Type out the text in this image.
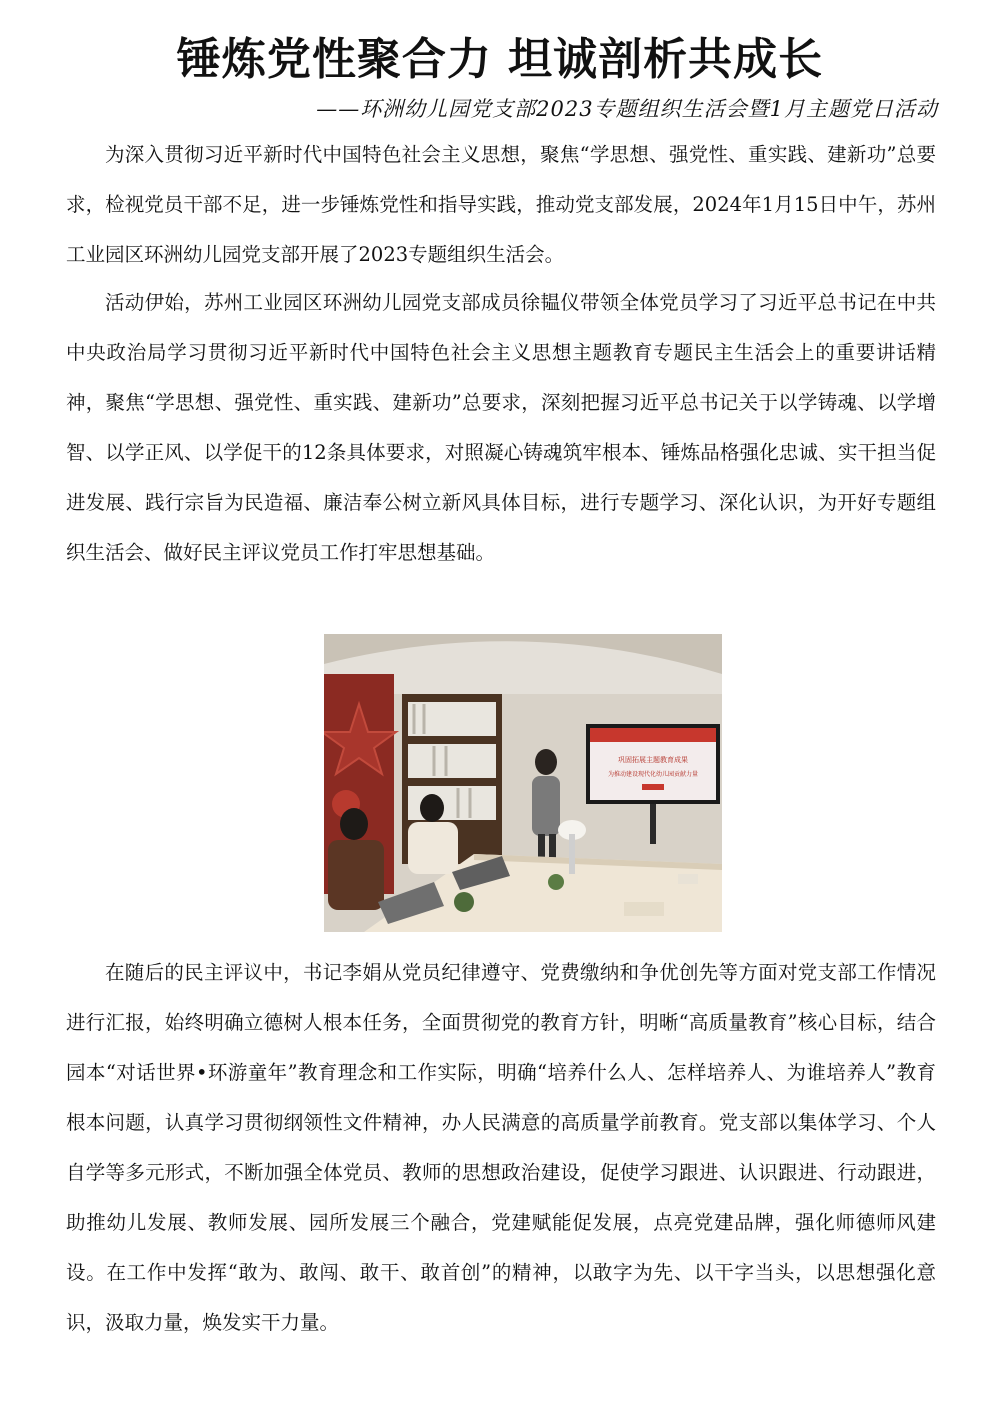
锤炼党性聚合力 坦诚剖析共成长

——环洲幼儿园党支部2023专题组织生活会暨1月主题党日活动

为深入贯彻习近平新时代中国特色社会主义思想，聚焦“学思想、强党性、重实践、建新功”总要求，检视党员干部不足，进一步锤炼党性和指导实践，推动党支部发展，2024年1月15日中午，苏州工业园区环洲幼儿园党支部开展了2023专题组织生活会。

活动伊始，苏州工业园区环洲幼儿园党支部成员徐韫仪带领全体党员学习了习近平总书记在中共中央政治局学习贯彻习近平新时代中国特色社会主义思想主题教育专题民主生活会上的重要讲话精神，聚焦“学思想、强党性、重实践、建新功”总要求，深刻把握习近平总书记关于以学铸魂、以学增智、以学正风、以学促干的12条具体要求，对照凝心铸魂筑牢根本、锤炼品格强化忠诚、实干担当促进发展、践行宗旨为民造福、廉洁奉公树立新风具体目标，进行专题学习、深化认识，为开好专题组织生活会、做好民主评议党员工作打牢思想基础。

巩固拓展主题教育成果
为推动建设现代化幼儿园贡献力量

在随后的民主评议中，书记李娟从党员纪律遵守、党费缴纳和争优创先等方面对党支部工作情况进行汇报，始终明确立德树人根本任务，全面贯彻党的教育方针，明晰“高质量教育”核心目标，结合园本“对话世界•环游童年”教育理念和工作实际，明确“培养什么人、怎样培养人、为谁培养人”教育根本问题，认真学习贯彻纲领性文件精神，办人民满意的高质量学前教育。党支部以集体学习、个人自学等多元形式，不断加强全体党员、教师的思想政治建设，促使学习跟进、认识跟进、行动跟进，助推幼儿发展、教师发展、园所发展三个融合，党建赋能促发展，点亮党建品牌，强化师德师风建设。在工作中发挥“敢为、敢闯、敢干、敢首创”的精神，以敢字为先、以干字当头，以思想强化意识，汲取力量，焕发实干力量。
